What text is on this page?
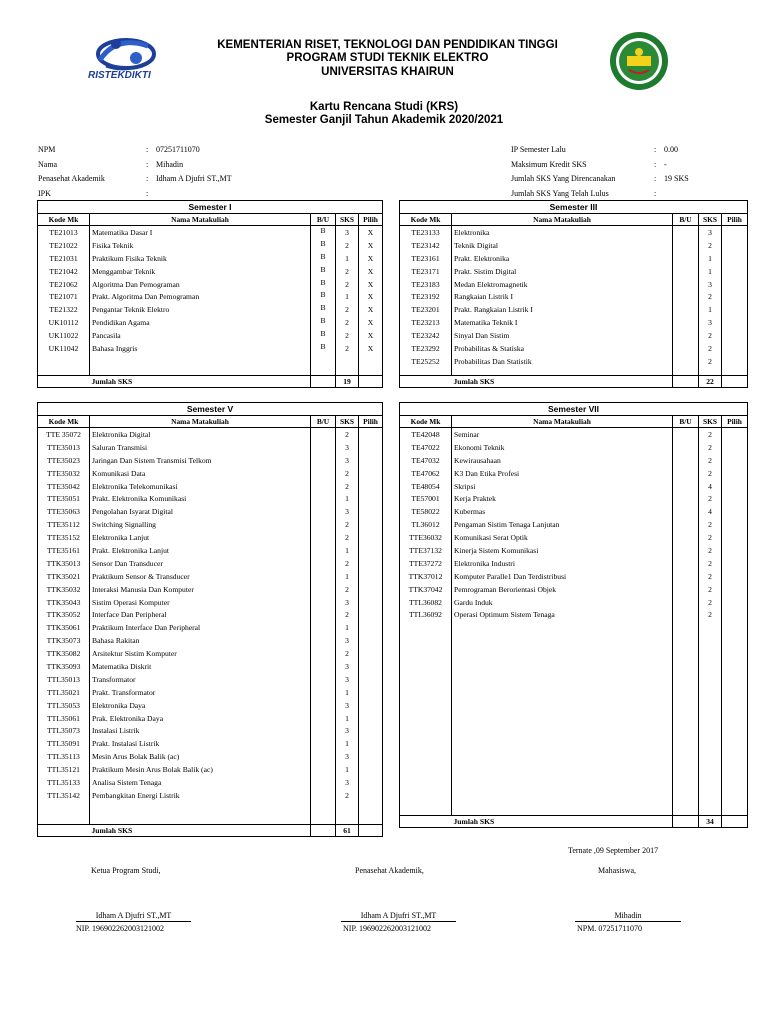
RISTEKDIKTI
KEMENTERIAN RISET, TEKNOLOGI DAN PENDIDIKAN TINGGI
PROGRAM STUDI TEKNIK ELEKTRO
UNIVERSITAS KHAIRUN
Kartu Rencana Studi (KRS)
Semester Ganjil Tahun Akademik 2020/2021
NPM	: 07251711070
Nama	: Mihadin
Penasehat Akademik	: Idham A Djufri ST.,MT
IPK	:
IP Semester Lalu	: 0.00
Maksimum Kredit SKS	: -
Jumlah SKS Yang Direncanakan	: 19 SKS
Jumlah SKS Yang Telah Lulus	:
Semester I				
Kode Mk	Nama Matakuliah	B/U	SKS	Pilih
TE21013	Matematika Dasar I	B	3	X
TE21022	Fisika Teknik	B	2	X
TE21031	Praktikum Fisika Teknik	B	1	X
TE21042	Menggambar Teknik	B	2	X
TE21062	Algoritma Dan Pemograman	B	2	X
TE21071	Prakt. Algoritma Dan Pemograman	B	1	X
TE21322	Pengantar Teknik Elektro	B	2	X
UK10112	Pendidikan Agama	B	2	X
UK11022	Pancasila	B	2	X
UK11042	Bahasa Inggris	B	2	X

	Jumlah SKS		19	
Semester III				
Kode Mk	Nama Matakuliah	B/U	SKS	Pilih
TE23133	Elektronika		3	
TE23142	Teknik Digital		2	
TE23161	Prakt. Elektronika		1	
TE23171	Prakt. Sistim Digital		1	
TE23183	Medan Elektromagnetik		3	
TE23192	Rangkaian Listrik I		2	
TE23201	Prakt. Rangkaian Listrik I		1	
TE23213	Matematika Teknik I		3	
TE23242	Sinyal Dan Sistim		2	
TE23292	Probabilitas & Statiska		2	
TE25252	Probabilitas Dan Statistik		2	

	Jumlah SKS		22	
Semester V				
Kode Mk	Nama Matakuliah	B/U	SKS	Pilih
TTE 35072	Elektronika Digital		2	
TTE35013	Saluran Transmisi		3	
TTE35023	Jaringan Dan Sistem Transmisi Telkom		3	
TTE35032	Komunikasi Data		2	
TTE35042	Elektronika Telekomunikasi		2	
TTE35051	Prakt. Elektronika Komunikasi		1	
TTE35063	Pengolahan Isyarat Digital		3	
TTE35112	Switching Signalling		2	
TTE35152	Elektronika Lanjut		2	
TTE35161	Prakt. Elektronika Lanjut		1	
TTK35013	Sensor Dan Transducer		2	
TTK35021	Praktikum Sensor & Transducer		1	
TTK35032	Interaksi Manusia Dan Komputer		2	
TTK35043	Sistim Operasi Komputer		3	
TTK35052	Interface Dan Peripheral		2	
TTK35061	Praktikum Interface Dan Peripheral		1	
TTK35073	Bahasa Rakitan		3	
TTK35082	Arsitektur Sistim Komputer		2	
TTK35093	Matematika Diskrit		3	
TTL35013	Transformator		3	
TTL35021	Prakt. Transformator		1	
TTL35053	Elektronika Daya		3	
TTL35061	Prak. Elektronika Daya		1	
TTL35073	Instalasi Listrik		3	
TTL35091	Prakt. Instalasi Listrik		1	
TTL35113	Mesin Arus Bolak Balik (ac)		3	
TTL35121	Praktikum Mesin Arus Bolak Balik (ac)		1	
TTL35133	Analisa Sistem Tenaga		3	
TTL35142	Pembangkitan Energi Listrik		2	

	Jumlah SKS		61	
Semester VII				
Kode Mk	Nama Matakuliah	B/U	SKS	Pilih
TE42048	Seminar		2	
TE47022	Ekonomi Teknik		2	
TE47032	Kewirausahaan		2	
TE47062	K3 Dan Etika Profesi		2	
TE48054	Skripsi		4	
TE57001	Kerja Praktek		2	
TE58022	Kubermas		4	
TL36012	Pengaman Sistim Tenaga Lanjutan		2	
TTE36032	Komunikasi Serat Optik		2	
TTE37132	Kinerja Sistem Komunikasi		2	
TTE37272	Elektronika Industri		2	
TTK37012	Komputer Paralle1 Dan Terdistribusi		2	
TTK37042	Pemrograman Berorientasi Objek		2	
TTL36082	Gardu Induk		2	
TTL36092	Operasi Optimum Sistem Tenaga		2	

	Jumlah SKS		34	
Ternate ,09 September 2017
Ketua Program Studi,	Penasehat Akademik,	Mahasiswa,
Idham A Djufri ST.,MT	Idham A Djufri ST.,MT	Mihadin
NIP. 196902262003121002	NIP. 196902262003121002	NPM. 07251711070
